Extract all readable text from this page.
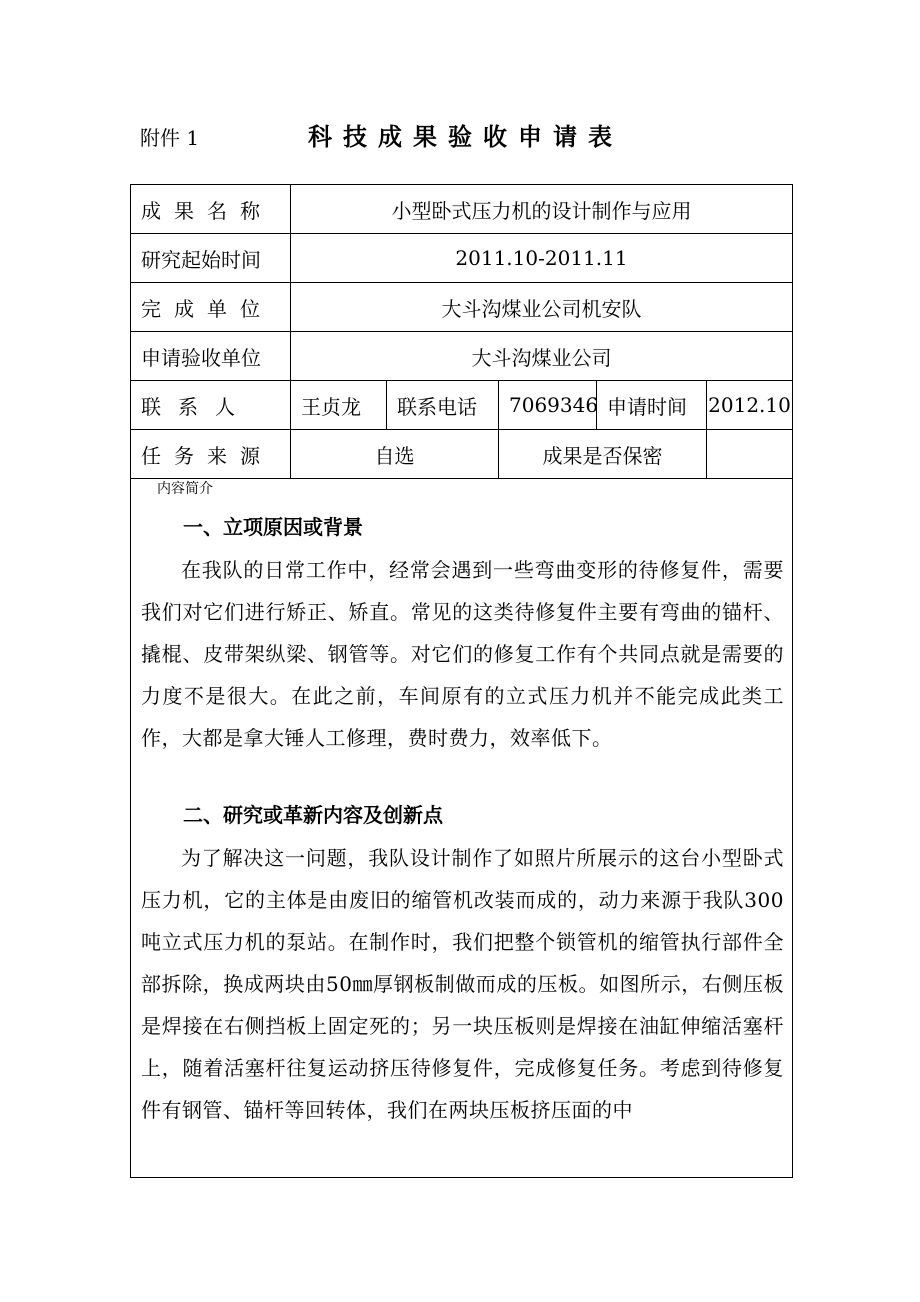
附件 1	科技成果验收申请表
成果名称	小型卧式压力机的设计制作与应用
研究起始时间	2011.10-2011.11
完成单位	大斗沟煤业公司机安队
申请验收单位	大斗沟煤业公司
联系人	王贞龙	联系电话	7069346 申请时间	2012.10
任务来源	自选	成果是否保密
内容简介
一、立项原因或背景

在我队的日常工作中，经常会遇到一些弯曲变形的待修复件，需要我们对它们进行矫正、矫直。常见的这类待修复件主要有弯曲的锚杆、撬棍、皮带架纵梁、钢管等。对它们的修复工作有个共同点就是需要的力度不是很大。在此之前，车间原有的立式压力机并不能完成此类工作，大都是拿大锤人工修理，费时费力，效率低下。

二、研究或革新内容及创新点

为了解决这一问题，我队设计制作了如照片所展示的这台小型卧式压力机，它的主体是由废旧的缩管机改装而成的，动力来源于我队300吨立式压力机的泵站。在制作时，我们把整个锁管机的缩管执行部件全部拆除，换成两块由50㎜厚钢板制做而成的压板。如图所示，右侧压板是焊接在右侧挡板上固定死的；另一块压板则是焊接在油缸伸缩活塞杆上，随着活塞杆往复运动挤压待修复件，完成修复任务。考虑到待修复件有钢管、锚杆等回转体，我们在两块压板挤压面的中
